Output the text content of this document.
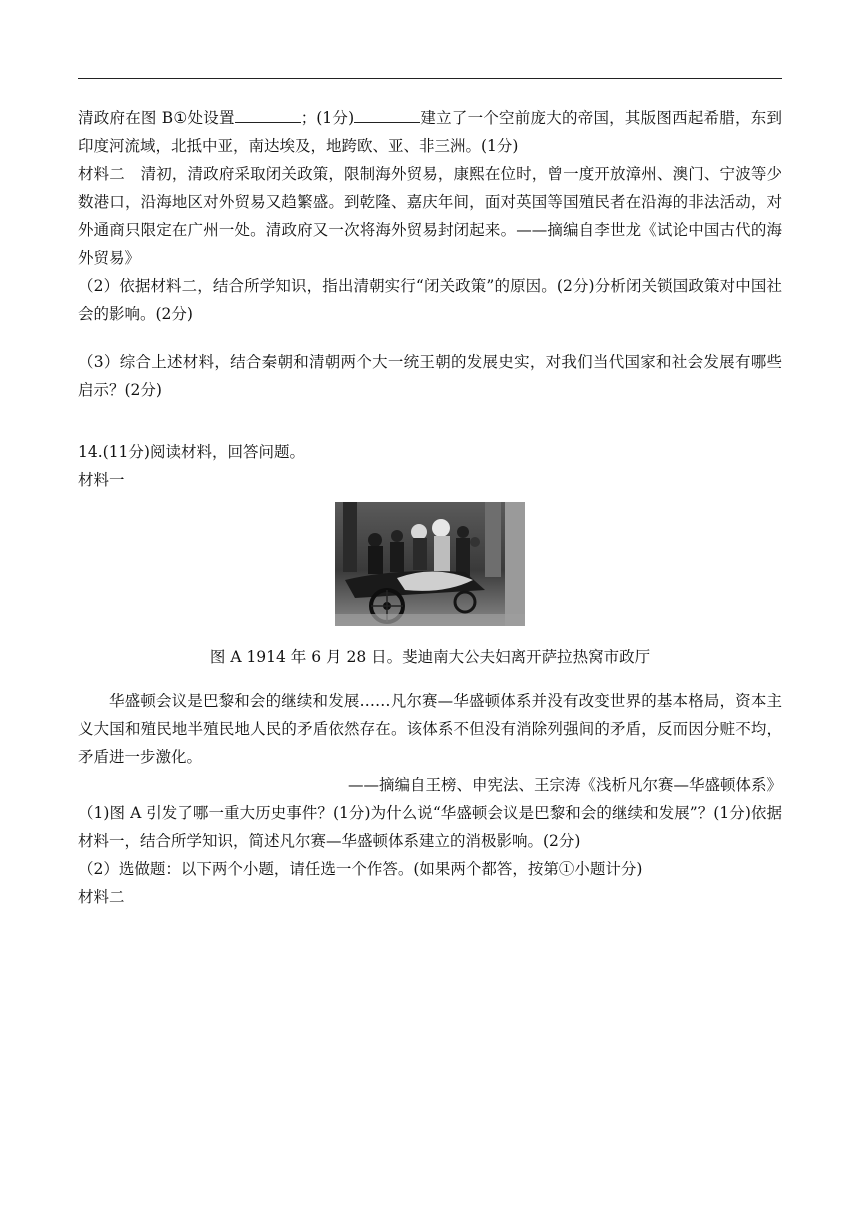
清政府在图 B①处设置	；(1分)	建立了一个空前庞大的帝国，其版图西起希腊，东到印度河流域，北抵中亚，南达埃及，地跨欧、亚、非三洲。(1分)

材料二　清初，清政府采取闭关政策，限制海外贸易，康熙在位时，曾一度开放漳州、澳门、宁波等少数港口，沿海地区对外贸易又趋繁盛。到乾隆、嘉庆年间，面对英国等国殖民者在沿海的非法活动，对外通商只限定在广州一处。清政府又一次将海外贸易封闭起来。——摘编自李世龙《试论中国古代的海外贸易》

（2）依据材料二，结合所学知识，指出清朝实行“闭关政策”的原因。(2分)分析闭关锁国政策对中国社会的影响。(2分)

（3）综合上述材料，结合秦朝和清朝两个大一统王朝的发展史实，对我们当代国家和社会发展有哪些启示？(2分)

14.(11分)阅读材料，回答问题。

材料一

图 A 1914 年 6 月 28 日。斐迪南大公夫妇离开萨拉热窝市政厅

华盛顿会议是巴黎和会的继续和发展……凡尔赛—华盛顿体系并没有改变世界的基本格局，资本主义大国和殖民地半殖民地人民的矛盾依然存在。该体系不但没有消除列强间的矛盾，反而因分赃不均，矛盾进一步激化。

——摘编自王榜、申宪法、王宗涛《浅析凡尔赛—华盛顿体系》

（1)图 A 引发了哪一重大历史事件？(1分)为什么说“华盛顿会议是巴黎和会的继续和发展”？(1分)依据材料一，结合所学知识，简述凡尔赛—华盛顿体系建立的消极影响。(2分)

（2）选做题：以下两个小题，请任选一个作答。(如果两个都答，按第①小题计分)

材料二
